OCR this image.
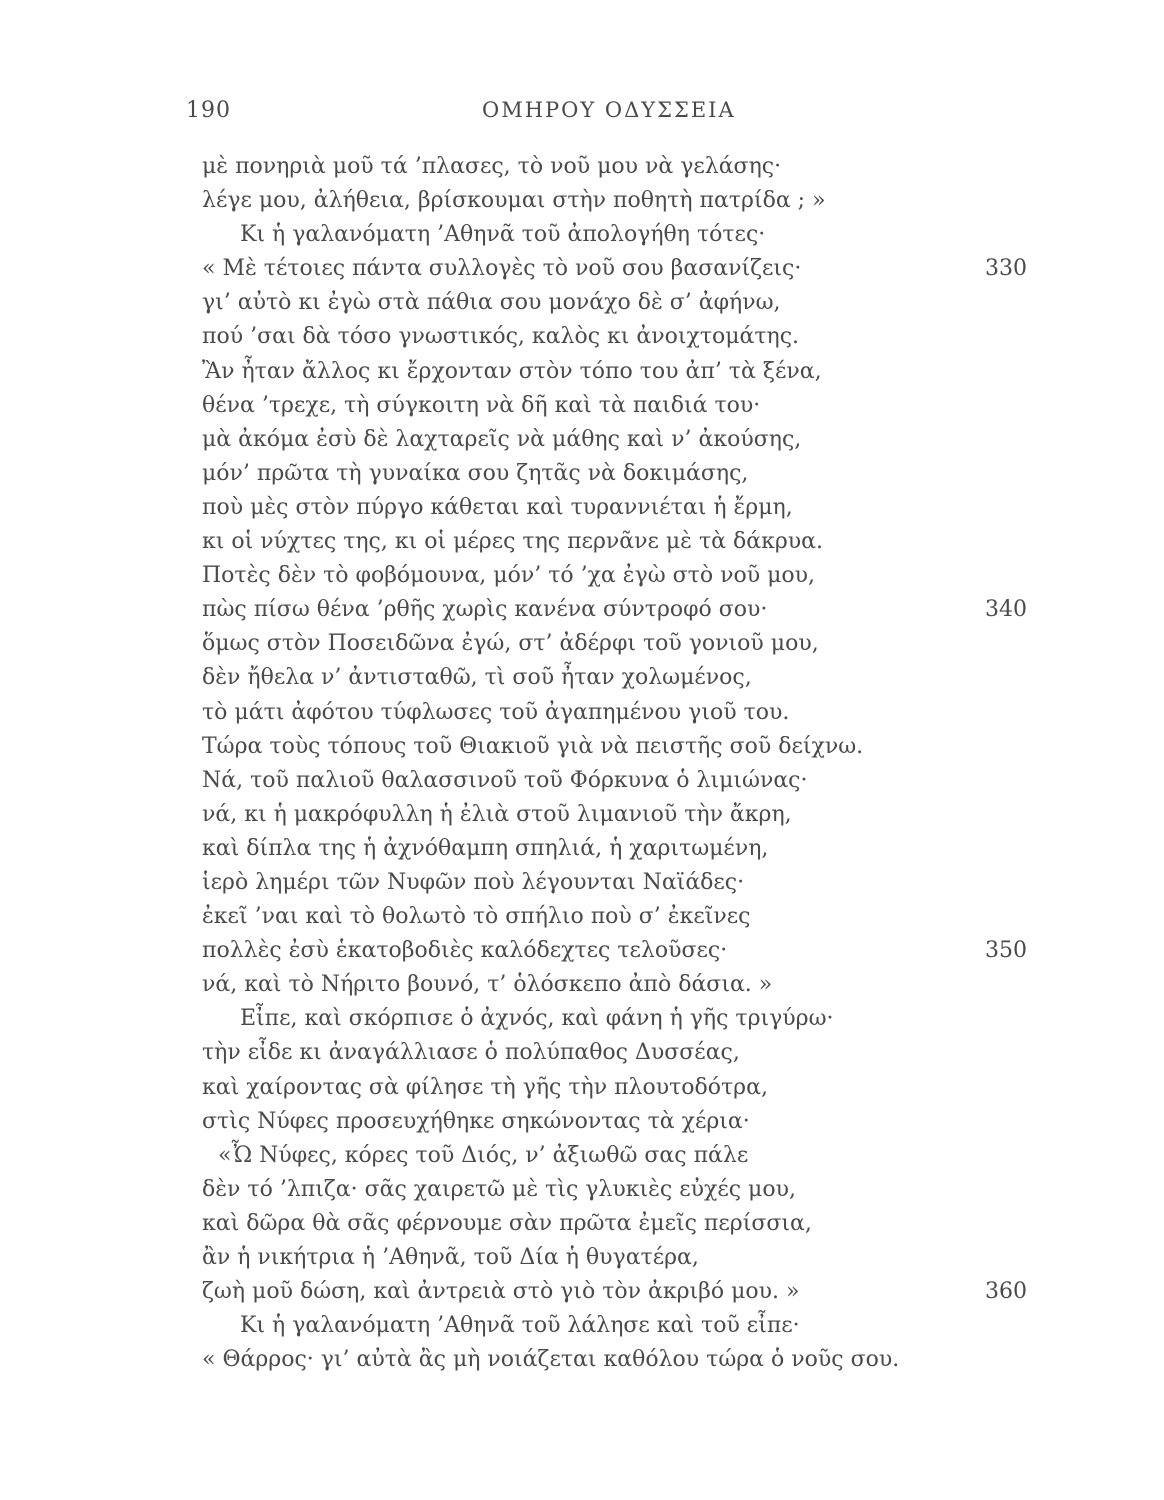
190	ΟΜΗΡΟΥ ΟΔΥΣΣΕΙΑ
μὲ πονηριὰ μοῦ τά ’πλασες, τὸ νοῦ μου νὰ γελάσης·
λέγε μου, ἀλήθεια, βρίσκουμαι στὴν ποθητὴ πατρίδα ; »
Κι ἡ γαλανόματη ’Αθηνᾶ τοῦ ἀπολογήθη τότες·
« Μὲ τέτοιες πάντα συλλογὲς τὸ νοῦ σου βασανίζεις·	330
γι’ αὐτὸ κι ἐγὼ στὰ πάθια σου μονάχο δὲ σ’ ἀφήνω,
πού ’σαι δὰ τόσο γνωστικός, καλὸς κι ἀνοιχτομάτης.
Ἂν ἦταν ἄλλος κι ἔρχονταν στὸν τόπο του ἀπ’ τὰ ξένα,
θένα ’τρεχε, τὴ σύγκοιτη νὰ δῆ καὶ τὰ παιδιά του·
μὰ ἀκόμα ἐσὺ δὲ λαχταρεῖς νὰ μάθης καὶ ν’ ἀκούσης,
μόν’ πρῶτα τὴ γυναίκα σου ζητᾶς νὰ δοκιμάσης,
ποὺ μὲς στὸν πύργο κάθεται καὶ τυραννιέται ἡ ἔρμη,
κι οἱ νύχτες της, κι οἱ μέρες της περνᾶνε μὲ τὰ δάκρυα.
Ποτὲς δὲν τὸ φοβόμουνα, μόν’ τό ’χα ἐγὼ στὸ νοῦ μου,
πὼς πίσω θένα ’ρθῆς χωρὶς κανένα σύντροφό σου·	340
ὅμως στὸν Ποσειδῶνα ἐγώ, στ’ ἀδέρφι τοῦ γονιοῦ μου,
δὲν ἤθελα ν’ ἀντισταθῶ, τὶ σοῦ ἦταν χολωμένος,
τὸ μάτι ἀφότου τύφλωσες τοῦ ἀγαπημένου γιοῦ του.
Τώρα τοὺς τόπους τοῦ Θιακιοῦ γιὰ νὰ πειστῆς σοῦ δείχνω.
Νά, τοῦ παλιοῦ θαλασσινοῦ τοῦ Φόρκυνα ὁ λιμιώνας·
νά, κι ἡ μακρόφυλλη ἡ ἐλιὰ στοῦ λιμανιοῦ τὴν ἄκρη,
καὶ δίπλα της ἡ ἀχνόθαμπη σπηλιά, ἡ χαριτωμένη,
ἱερὸ λημέρι τῶν Νυφῶν ποὺ λέγουνται Ναϊάδες·
ἐκεῖ ’ναι καὶ τὸ θολωτὸ τὸ σπήλιο ποὺ σ’ ἐκεῖνες
πολλὲς ἐσὺ ἑκατοβοδιὲς καλόδεχτες τελοῦσες·	350
νά, καὶ τὸ Νήριτο βουνό, τ’ ὁλόσκεπο ἀπὸ δάσια. »
Εἶπε, καὶ σκόρπισε ὁ ἀχνός, καὶ φάνη ἡ γῆς τριγύρω·
τὴν εἶδε κι ἀναγάλλιασε ὁ πολύπαθος Δυσσέας,
καὶ χαίροντας σὰ φίλησε τὴ γῆς τὴν πλουτοδότρα,
στὶς Νύφες προσευχήθηκε σηκώνοντας τὰ χέρια·
«Ὦ Νύφες, κόρες τοῦ Διός, ν’ ἀξιωθῶ σας πάλε
δὲν τό ’λπιζα· σᾶς χαιρετῶ μὲ τὶς γλυκιὲς εὐχές μου,
καὶ δῶρα θὰ σᾶς φέρνουμε σὰν πρῶτα ἐμεῖς περίσσια,
ἂν ἡ νικήτρια ἡ ’Αθηνᾶ, τοῦ Δία ἡ θυγατέρα,
ζωὴ μοῦ δώση, καὶ ἀντρειὰ στὸ γιὸ τὸν ἀκριβό μου. »	360
Κι ἡ γαλανόματη ’Αθηνᾶ τοῦ λάλησε καὶ τοῦ εἶπε·
« Θάρρος· γι’ αὐτὰ ἂς μὴ νοιάζεται καθόλου τώρα ὁ νοῦς σου.
